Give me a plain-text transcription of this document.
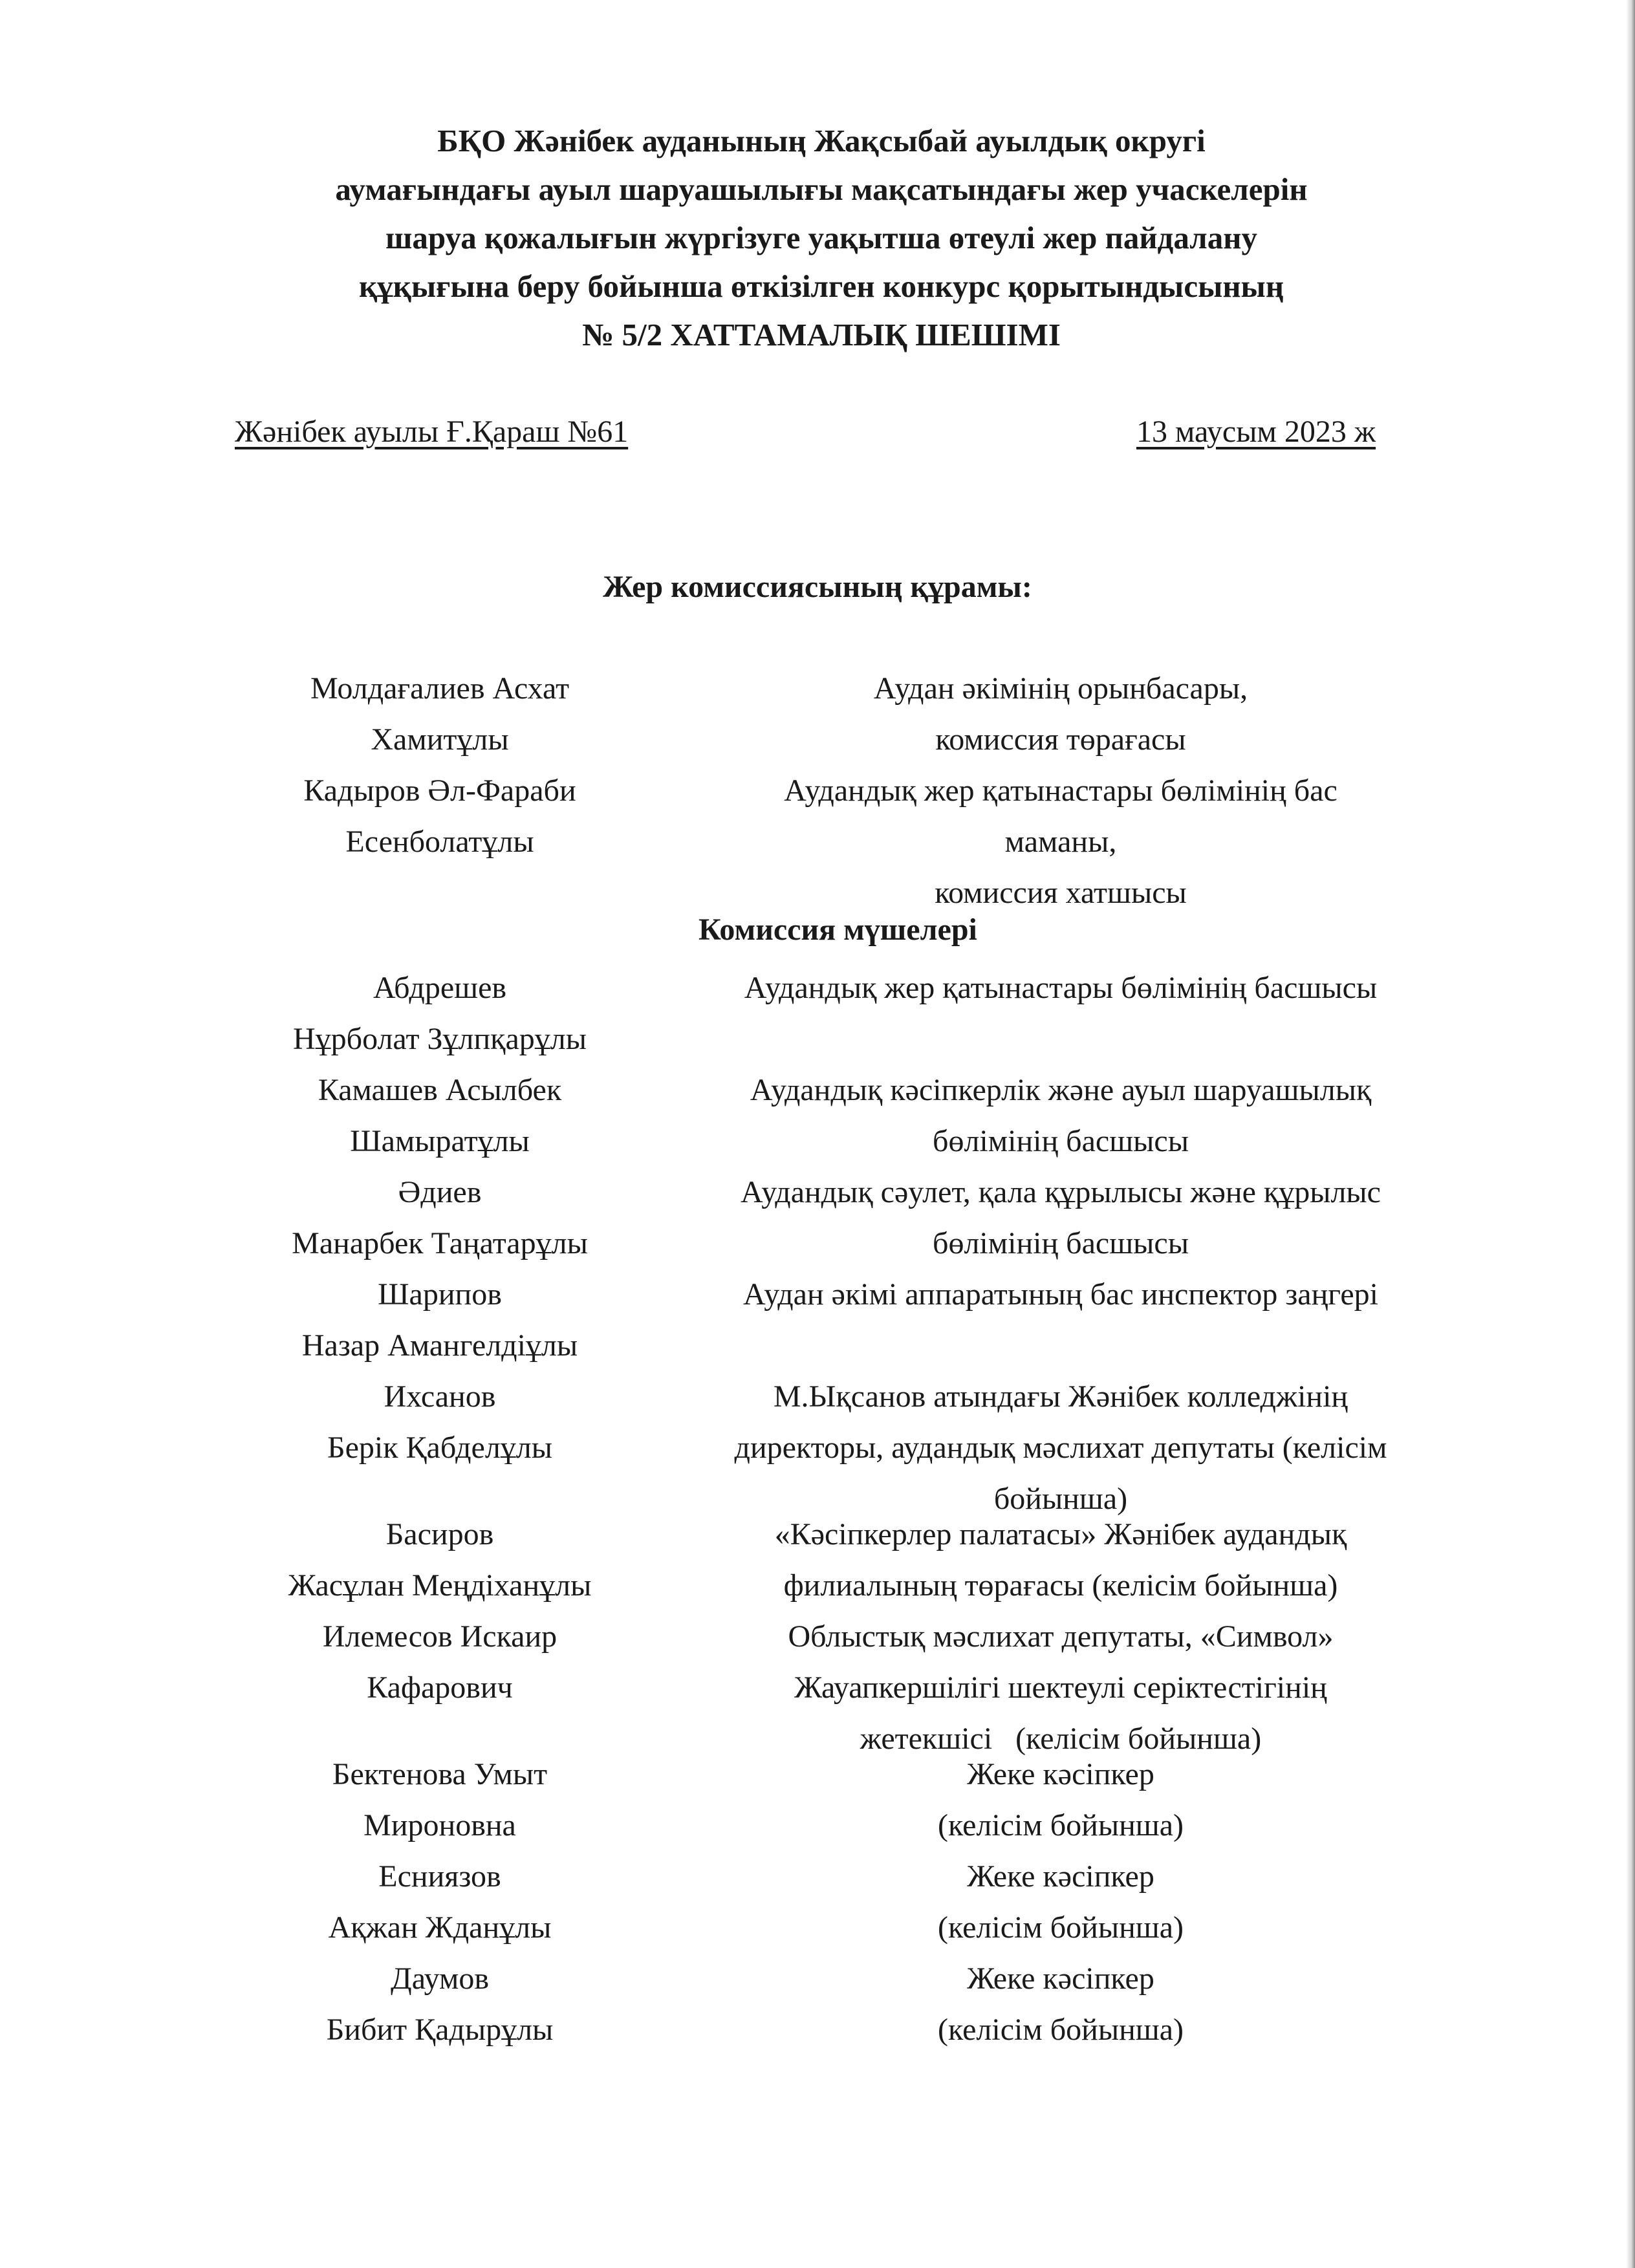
БҚО Жәнібек ауданының Жақсыбай ауылдық округі
аумағындағы ауыл шаруашылығы мақсатындағы жер учаскелерін
шаруа қожалығын жүргізуге уақытша өтеулі жер пайдалану
құқығына беру бойынша өткізілген конкурс қорытындысының
№ 5/2 ХАТТАМАЛЫҚ ШЕШІМІ
Жәнібек ауылы Ғ.Қараш №61	13 маусым 2023 ж
Жер комиссиясының құрамы:
Комиссия мүшелері
Молдағалиев Асхат
Хамитұлы
Аудан әкімінің орынбасары,
комиссия төрағасы
Кадыров Әл-Фараби
Есенболатұлы
Аудандық жер қатынастары бөлімінің бас
маманы,
комиссия хатшысы
Абдрешев
Нұрболат Зұлпқарұлы
Аудандық жер қатынастары бөлімінің басшысы
Камашев Асылбек
Шамыратұлы
Аудандық кәсіпкерлік және ауыл шаруашылық
бөлімінің басшысы
Әдиев
Манарбек Таңатарұлы
Аудандық сәулет, қала құрылысы және құрылыс
бөлімінің басшысы
Шарипов
Назар Амангелдіұлы
Аудан әкімі аппаратының бас инспектор заңгері
Ихсанов
Берік Қабделұлы
М.Ықсанов атындағы Жәнібек колледжінің
директоры, аудандық мәслихат депутаты (келісім
бойынша)
Басиров
Жасұлан Меңдіханұлы
«Кәсіпкерлер палатасы» Жәнібек аудандық
филиалының төрағасы (келісім бойынша)
Илемесов Искаир
Кафарович
Облыстық мәслихат депутаты, «Символ»
Жауапкершілігі шектеулі серіктестігінің
жетекшісі   (келісім бойынша)
Бектенова Умыт
Мироновна
Жеке кәсіпкер
(келісім бойынша)
Есниязов
Ақжан Жданұлы
Жеке кәсіпкер
(келісім бойынша)
Даумов
Бибит Қадырұлы
Жеке кәсіпкер
(келісім бойынша)
